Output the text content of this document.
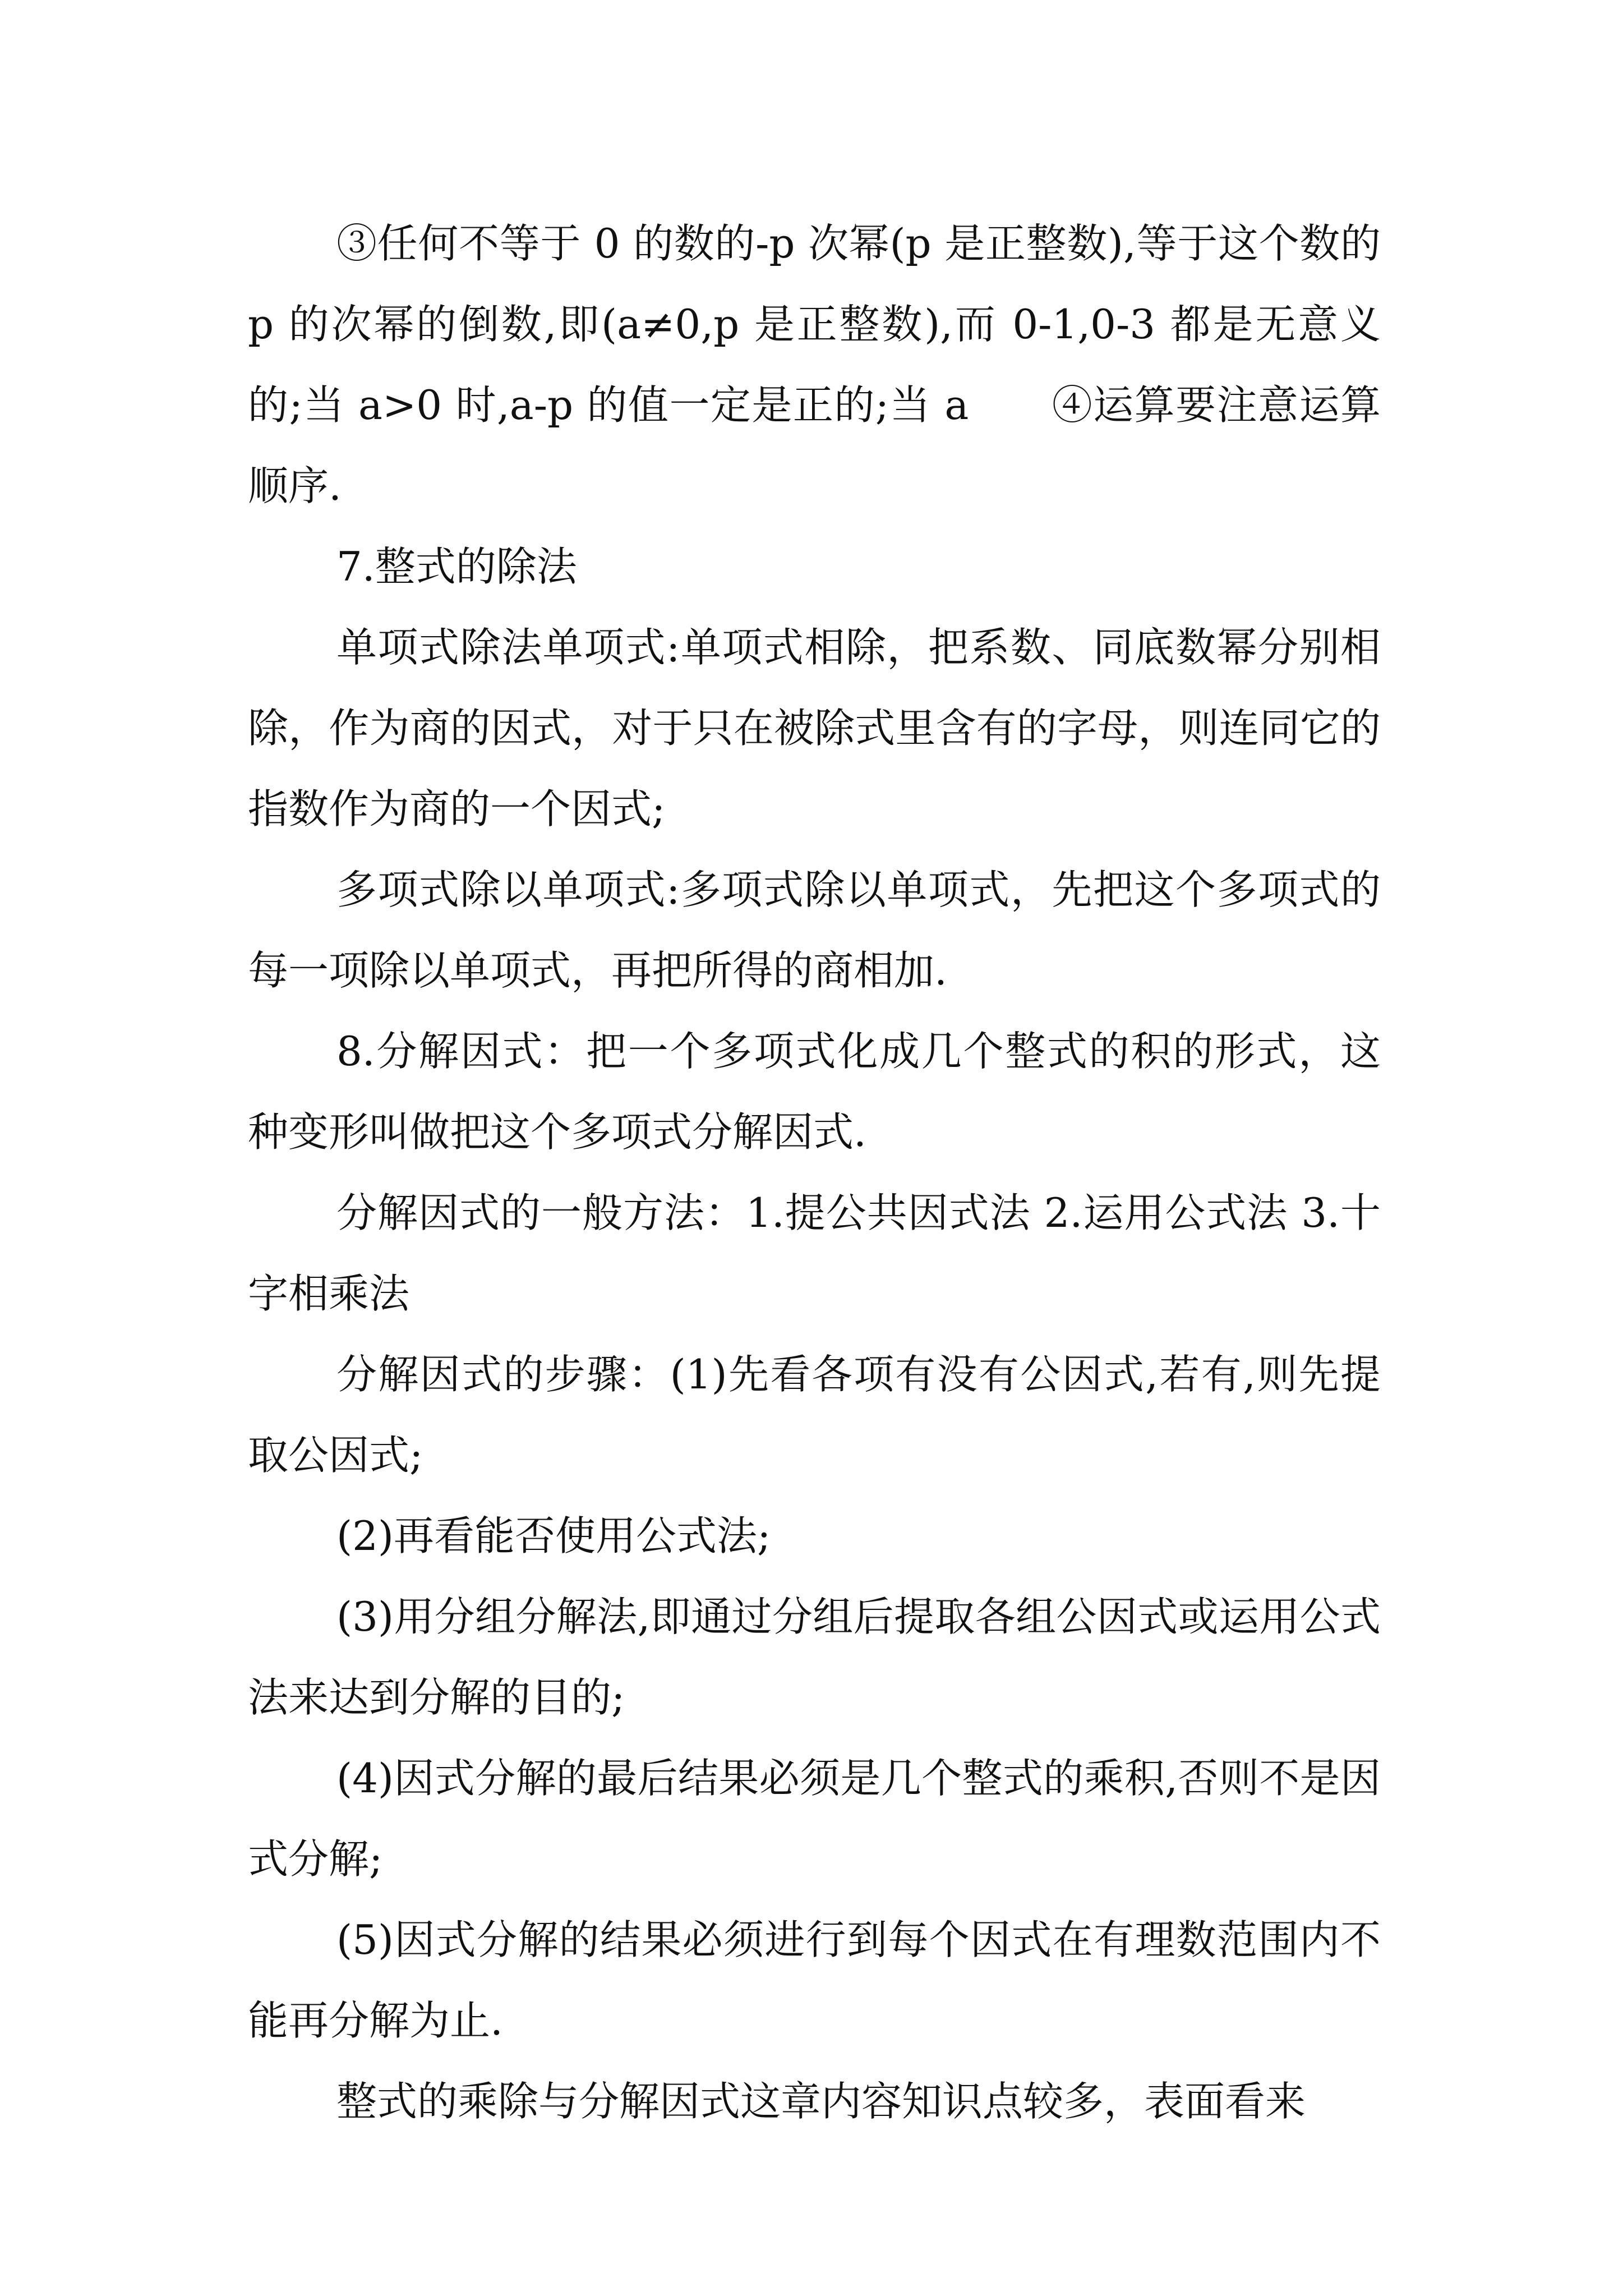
③任何不等于 0 的数的-p 次幂(p 是正整数),等于这个数的 p 的次幂的倒数,即(a≠0,p 是正整数),而 0-1,0-3 都是无意义的;当 a>0 时,a-p 的值一定是正的;当 a　　④运算要注意运算顺序.

7.整式的除法

单项式除法单项式:单项式相除，把系数、同底数幂分别相除，作为商的因式，对于只在被除式里含有的字母，则连同它的指数作为商的一个因式;

多项式除以单项式:多项式除以单项式，先把这个多项式的每一项除以单项式，再把所得的商相加.

8.分解因式：把一个多项式化成几个整式的积的形式，这种变形叫做把这个多项式分解因式.

分解因式的一般方法：1.提公共因式法 2.运用公式法 3.十字相乘法

分解因式的步骤：(1)先看各项有没有公因式,若有,则先提取公因式;

(2)再看能否使用公式法;

(3)用分组分解法,即通过分组后提取各组公因式或运用公式法来达到分解的目的;

(4)因式分解的最后结果必须是几个整式的乘积,否则不是因式分解;

(5)因式分解的结果必须进行到每个因式在有理数范围内不能再分解为止.

整式的乘除与分解因式这章内容知识点较多，表面看来
